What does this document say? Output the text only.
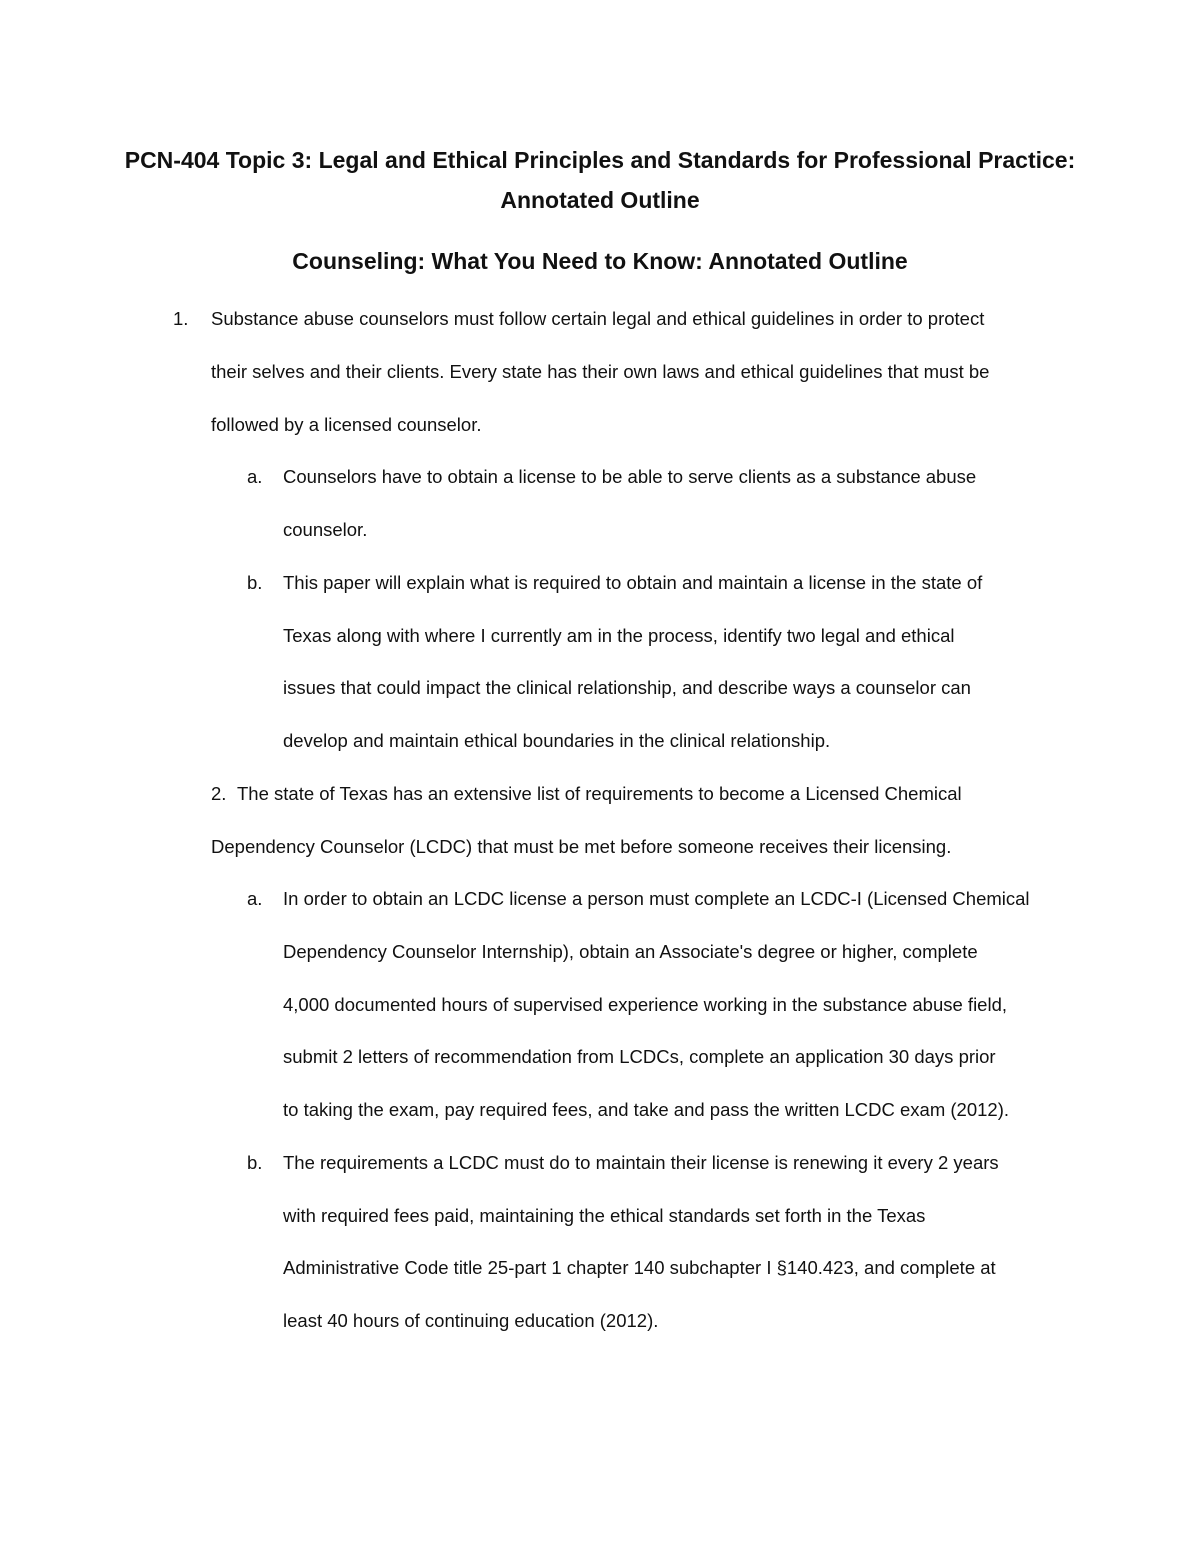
PCN-404 Topic 3: Legal and Ethical Principles and Standards for Professional Practice: Annotated Outline
Counseling: What You Need to Know: Annotated Outline
1. Substance abuse counselors must follow certain legal and ethical guidelines in order to protect
their selves and their clients. Every state has their own laws and ethical guidelines that must be
followed by a licensed counselor.
a. Counselors have to obtain a license to be able to serve clients as a substance abuse
counselor.
b. This paper will explain what is required to obtain and maintain a license in the state of
Texas along with where I currently am in the process, identify two legal and ethical
issues that could impact the clinical relationship, and describe ways a counselor can
develop and maintain ethical boundaries in the clinical relationship.
2. The state of Texas has an extensive list of requirements to become a Licensed Chemical
Dependency Counselor (LCDC) that must be met before someone receives their licensing.
a. In order to obtain an LCDC license a person must complete an LCDC-I (Licensed Chemical
Dependency Counselor Internship), obtain an Associate's degree or higher, complete
4,000 documented hours of supervised experience working in the substance abuse field,
submit 2 letters of recommendation from LCDCs, complete an application 30 days prior
to taking the exam, pay required fees, and take and pass the written LCDC exam (2012).
b. The requirements a LCDC must do to maintain their license is renewing it every 2 years
with required fees paid, maintaining the ethical standards set forth in the Texas
Administrative Code title 25-part 1 chapter 140 subchapter I §140.423, and complete at
least 40 hours of continuing education (2012).
